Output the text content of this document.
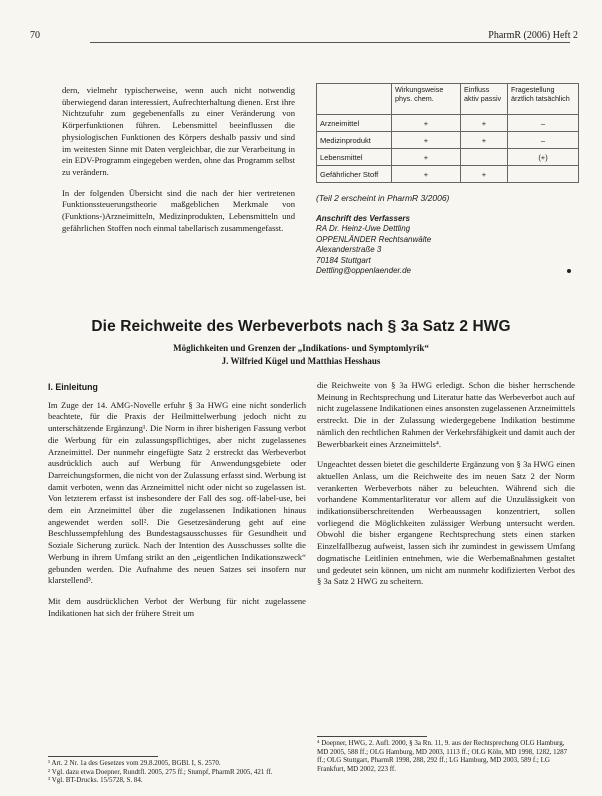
70	PharmR (2006) Heft 2

dern, vielmehr typischerweise, wenn auch nicht notwendig überwiegend daran interessiert, Aufrechterhaltung dienen. Erst ihre Nichtzufuhr zum gegebenenfalls zu einer Veränderung von Körperfunktionen führen. Lebensmittel beeinflussen die physiologischen Funktionen des Körpers deshalb passiv und sind im weitesten Sinne mit Daten vergleichbar, die zur Verarbeitung in ein EDV-Programm eingegeben werden, ohne das Programm selbst zu verändern.

In der folgenden Übersicht sind die nach der hier vertretenen Funktionssteuerungstheorie maßgeblichen Merkmale von (Funktions-)Arzneimitteln, Medizinprodukten, Lebensmitteln und gefährlichen Stoffen noch einmal tabellarisch zusammengefasst.

	Wirkungsweise phys. chem.	Einfluss aktiv passiv	Fragestellung ärztlich tatsächlich
Arzneimittel	+	+	–
Medizinprodukt	+	+	–
Lebensmittel	+		(+)
Gefährlicher Stoff	+	+	
(Teil 2 erscheint in PharmR 3/2006)
Anschrift des Verfassers
RA Dr. Heinz-Uwe Dettling
OPPENLÄNDER Rechtsanwälte
Alexanderstraße 3
70184 Stuttgart
Dettling@oppenlaender.de
Die Reichweite des Werbeverbots nach § 3a Satz 2 HWG
Möglichkeiten und Grenzen der „Indikations- und Symptomlyrik“
J. Wilfried Kügel und Matthias Hesshaus
I. Einleitung

Im Zuge der 14. AMG-Novelle erfuhr § 3a HWG eine nicht sonderlich beachtete, für die Praxis der Heilmittelwerbung jedoch nicht zu unterschätzende Ergänzung¹. Die Norm in ihrer bisherigen Fassung verbot die Werbung für ein zulassungspflichtiges, aber nicht zugelassenes Arzneimittel. Der nunmehr eingefügte Satz 2 erstreckt das Werbeverbot ausdrücklich auch auf Werbung für Anwendungsgebiete oder Darreichungsformen, die nicht von der Zulassung erfasst sind. Werbung ist damit verboten, wenn das Arzneimittel nicht oder nicht so zugelassen ist. Von letzterem erfasst ist insbesondere der Fall des sog. off-label-use, bei dem ein Arzneimittel über die zugelassenen Indikationen hinaus angewendet werden soll². Die Gesetzesänderung geht auf eine Beschlussempfehlung des Bundestagsausschusses für Gesundheit und Soziale Sicherung zurück. Nach der Intention des Ausschusses sollte die Werbung in ihrem Umfang strikt an den „eigentlichen Indikationszweck“ gebunden werden. Die Aufnahme des neuen Satzes sei insofern nur klarstellend³.

Mit dem ausdrücklichen Verbot der Werbung für nicht zugelassene Indikationen hat sich der frühere Streit um

die Reichweite von § 3a HWG erledigt. Schon die bisher herrschende Meinung in Rechtsprechung und Literatur hatte das Werbeverbot auch auf nicht zugelassene Indikationen eines ansonsten zugelassenen Arzneimittels erstreckt. Die in der Zulassung wiedergegebene Indikation bestimme nämlich den rechtlichen Rahmen der Verkehrsfähigkeit und damit auch der Bewerbbarkeit eines Arzneimittels⁴.

Ungeachtet dessen bietet die geschilderte Ergänzung von § 3a HWG einen aktuellen Anlass, um die Reichweite des im neuen Satz 2 der Norm verankerten Werbeverbots näher zu beleuchten. Während sich die vorhandene Kommentarliteratur vor allem auf die Unzulässigkeit von indikationsüberschreitenden Werbeaussagen konzentriert, sollen vorliegend die Möglichkeiten zulässiger Werbung untersucht werden. Obwohl die bisher ergangene Rechtsprechung stets einen starken Einzelfallbezug aufweist, lassen sich ihr zumindest in gewissem Umfang dogmatische Leitlinien entnehmen, wie die Werbemaßnahmen gestaltet und gedeutet sein können, um nicht am nunmehr kodifizierten Verbot des § 3a Satz 2 HWG zu scheitern.

¹ Art. 2 Nr. 1a des Gesetzes vom 29.8.2005, BGBl. I, S. 2570.
² Vgl. dazu etwa Doepner, Rundtfl. 2005, 275 ff.; Stumpf, PharmR 2005, 421 ff.
³ Vgl. BT-Drucks. 15/5728, S. 84.
⁴ Doepner, HWG, 2. Aufl. 2000, § 3a Rn. 11, 9. aus der Rechtsprechung OLG Hamburg, MD 2005, 588 ff.; OLG Hamburg, MD 2003, 1113 ff.; OLG Köln, MD 1998, 1282, 1287 ff.; OLG Stuttgart, PharmR 1998, 288, 292 ff.; LG Hamburg, MD 2003, 589 f.; LG Frankfurt, MD 2002, 223 ff.
